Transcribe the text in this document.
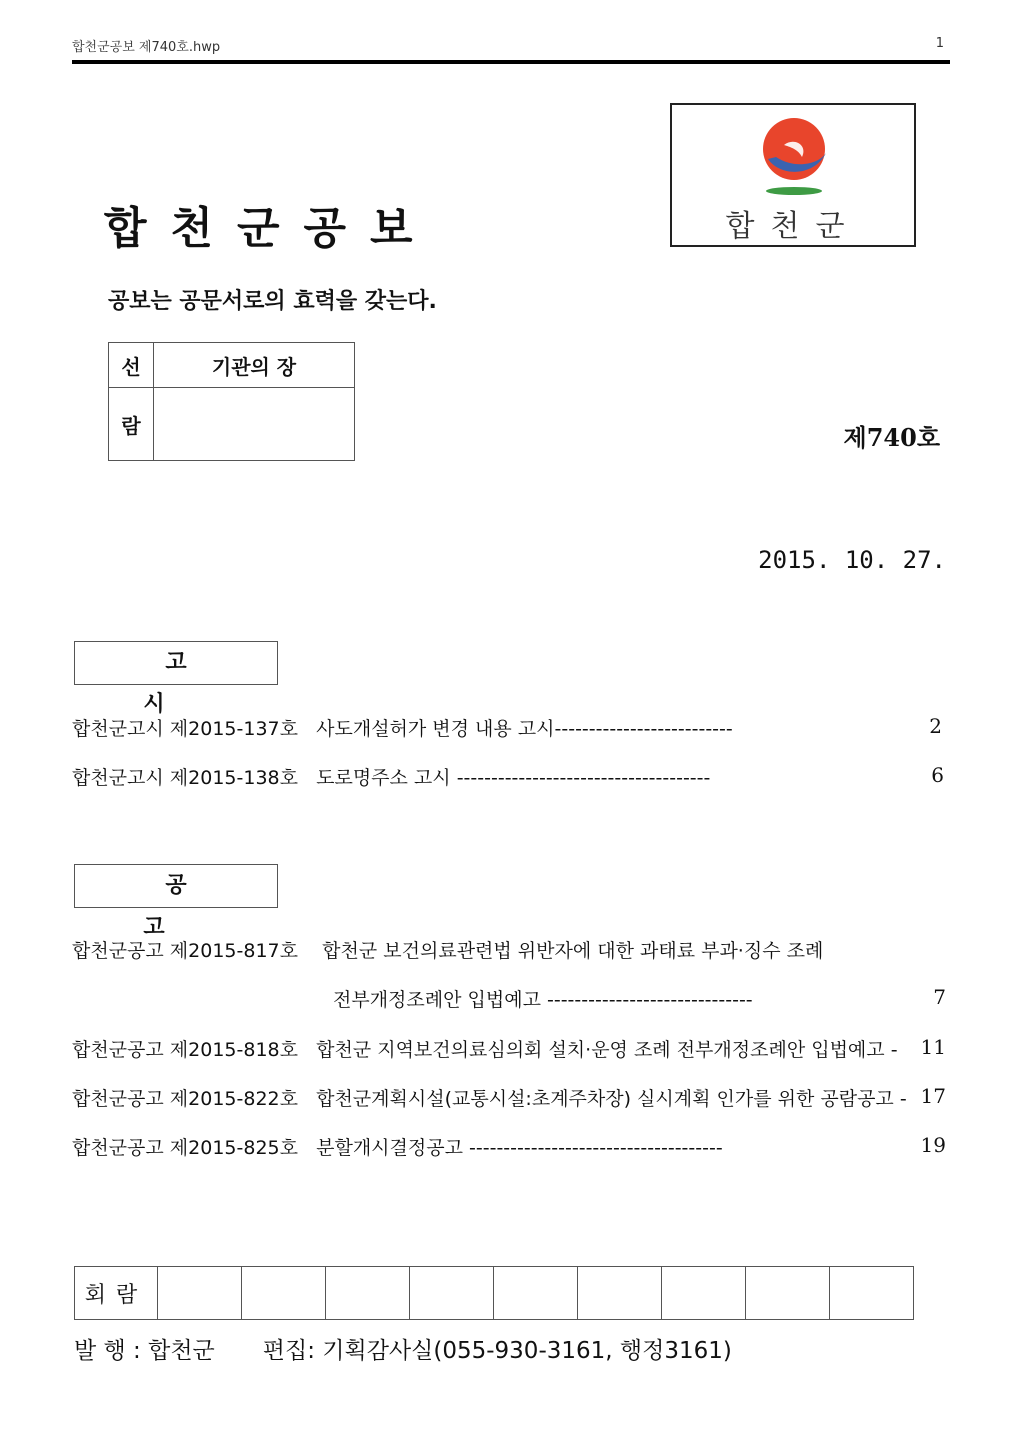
합천군공보 제740호.hwp	1
합천군공보	합천군
공보는 공문서로의 효력을 갖는다.
선	기관의 장
람		제740호
2015. 10. 27.
고 시
합천군고시 제2015-137호 사도개설허가 변경 내용 고시--------------------------	2
합천군고시 제2015-138호 도로명주소 고시 -------------------------------------	6
공 고
합천군공고 제2015-817호 합천군 보건의료관련법 위반자에 대한 과태료 부과·징수 조례
전부개정조례안 입법예고 ------------------------------	7
합천군공고 제2015-818호 합천군 지역보건의료심의회 설치·운영 조례 전부개정조례안 입법예고 - 11
합천군공고 제2015-822호 합천군계획시설(교통시설:초계주차장) 실시계획 인가를 위한 공람공고 - 17
합천군공고 제2015-825호 분할개시결정공고 -------------------------------------	19
회람									
발 행 : 합천군 편집: 기획감사실(055-930-3161, 행정3161)
